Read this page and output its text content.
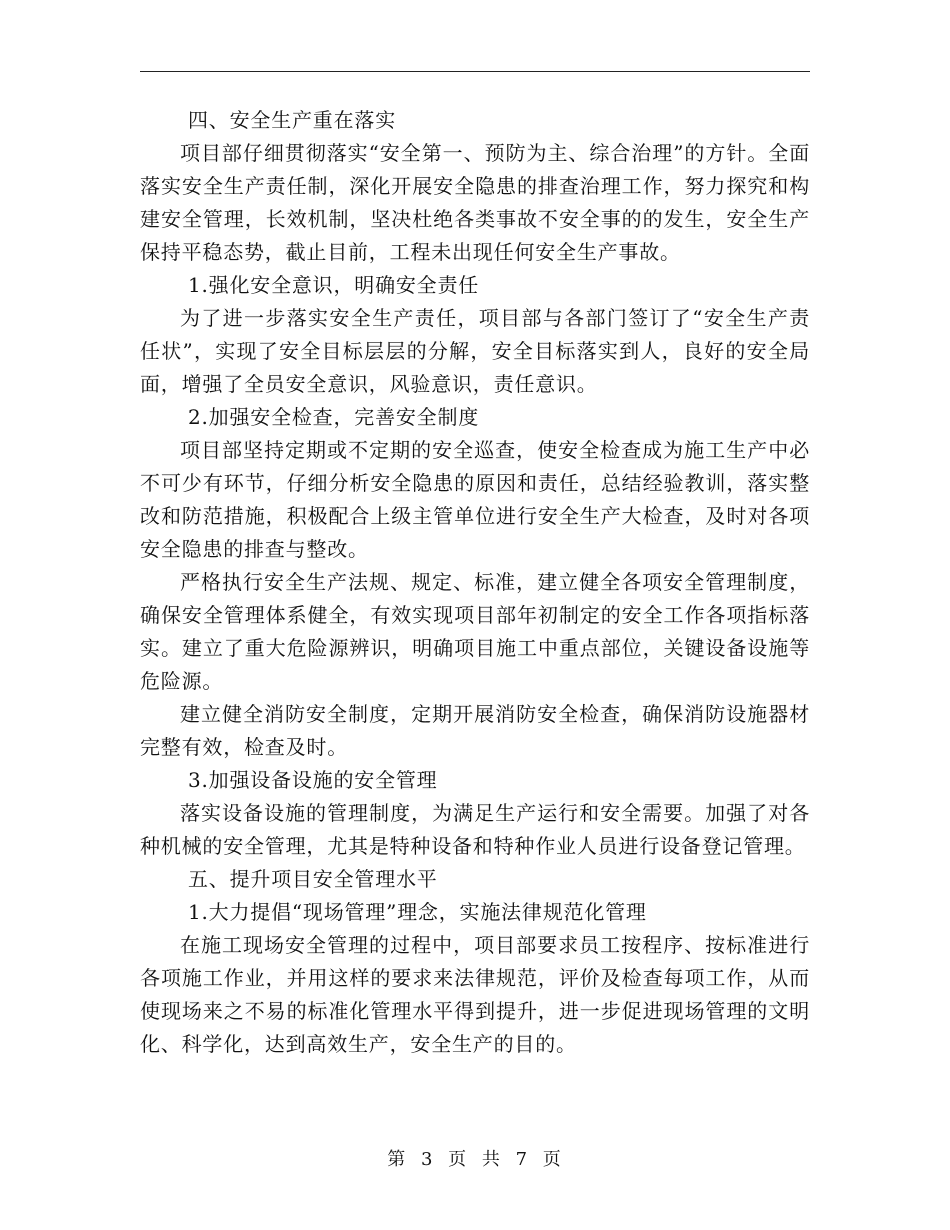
四、安全生产重在落实

项目部仔细贯彻落实“安全第一、预防为主、综合治理”的方针。全面落实安全生产责任制，深化开展安全隐患的排查治理工作，努力探究和构建安全管理，长效机制，坚决杜绝各类事故不安全事的的发生，安全生产保持平稳态势，截止目前，工程未出现任何安全生产事故。

1.强化安全意识，明确安全责任

为了进一步落实安全生产责任，项目部与各部门签订了“安全生产责任状”，实现了安全目标层层的分解，安全目标落实到人，良好的安全局面，增强了全员安全意识，风验意识，责任意识。

2.加强安全检查，完善安全制度

项目部坚持定期或不定期的安全巡查，使安全检查成为施工生产中必不可少有环节，仔细分析安全隐患的原因和责任，总结经验教训，落实整改和防范措施，积极配合上级主管单位进行安全生产大检查，及时对各项安全隐患的排查与整改。

严格执行安全生产法规、规定、标准，建立健全各项安全管理制度，确保安全管理体系健全，有效实现项目部年初制定的安全工作各项指标落实。建立了重大危险源辨识，明确项目施工中重点部位，关键设备设施等危险源。

建立健全消防安全制度，定期开展消防安全检查，确保消防设施器材完整有效，检查及时。

3.加强设备设施的安全管理

落实设备设施的管理制度，为满足生产运行和安全需要。加强了对各种机械的安全管理，尤其是特种设备和特种作业人员进行设备登记管理。

五、提升项目安全管理水平

1.大力提倡“现场管理”理念，实施法律规范化管理

在施工现场安全管理的过程中，项目部要求员工按程序、按标准进行各项施工作业，并用这样的要求来法律规范，评价及检查每项工作，从而使现场来之不易的标准化管理水平得到提升，进一步促进现场管理的文明化、科学化，达到高效生产，安全生产的目的。

第 3 页 共 7 页
